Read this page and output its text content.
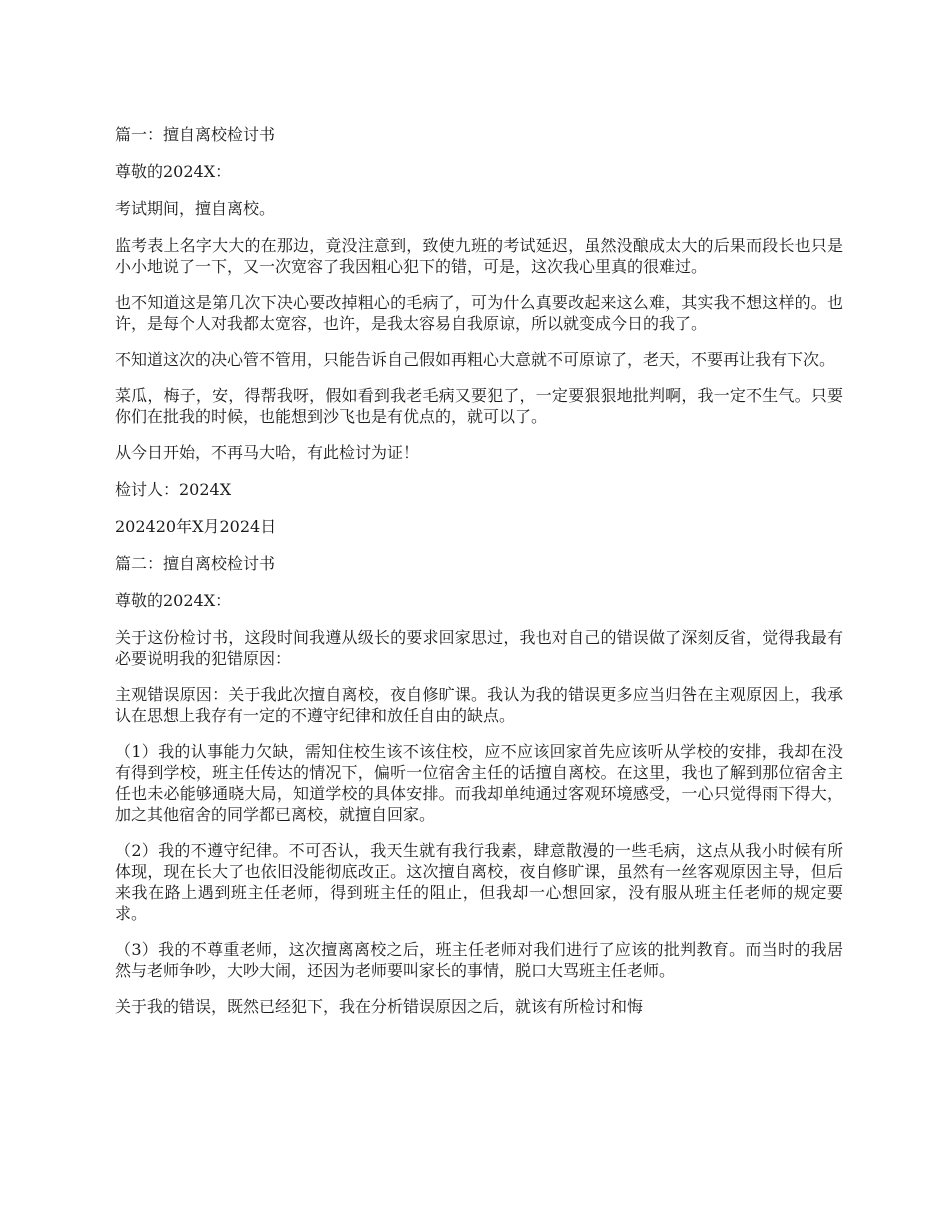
篇一：擅自离校检讨书

尊敬的2024X：

考试期间，擅自离校。

监考表上名字大大的在那边，竟没注意到，致使九班的考试延迟，虽然没酿成太大的后果而段长也只是小小地说了一下，又一次宽容了我因粗心犯下的错，可是，这次我心里真的很难过。

也不知道这是第几次下决心要改掉粗心的毛病了，可为什么真要改起来这么难，其实我不想这样的。也许，是每个人对我都太宽容，也许，是我太容易自我原谅，所以就变成今日的我了。

不知道这次的决心管不管用，只能告诉自己假如再粗心大意就不可原谅了，老天，不要再让我有下次。

菜瓜，梅子，安，得帮我呀，假如看到我老毛病又要犯了，一定要狠狠地批判啊，我一定不生气。只要你们在批我的时候，也能想到沙飞也是有优点的，就可以了。

从今日开始，不再马大哈，有此检讨为证！

检讨人：2024X

202420年X月2024日

篇二：擅自离校检讨书

尊敬的2024X：

关于这份检讨书，这段时间我遵从级长的要求回家思过，我也对自己的错误做了深刻反省，觉得我最有必要说明我的犯错原因：

主观错误原因：关于我此次擅自离校，夜自修旷课。我认为我的错误更多应当归咎在主观原因上，我承认在思想上我存有一定的不遵守纪律和放任自由的缺点。

（1）我的认事能力欠缺，需知住校生该不该住校，应不应该回家首先应该听从学校的安排，我却在没有得到学校，班主任传达的情况下，偏听一位宿舍主任的话擅自离校。在这里，我也了解到那位宿舍主任也未必能够通晓大局，知道学校的具体安排。而我却单纯通过客观环境感受，一心只觉得雨下得大，加之其他宿舍的同学都已离校，就擅自回家。

（2）我的不遵守纪律。不可否认，我天生就有我行我素，肆意散漫的一些毛病，这点从我小时候有所体现，现在长大了也依旧没能彻底改正。这次擅自离校，夜自修旷课，虽然有一丝客观原因主导，但后来我在路上遇到班主任老师，得到班主任的阻止，但我却一心想回家，没有服从班主任老师的规定要求。

（3）我的不尊重老师，这次擅离离校之后，班主任老师对我们进行了应该的批判教育。而当时的我居然与老师争吵，大吵大闹，还因为老师要叫家长的事情，脱口大骂班主任老师。

关于我的错误，既然已经犯下，我在分析错误原因之后，就该有所检讨和悔
